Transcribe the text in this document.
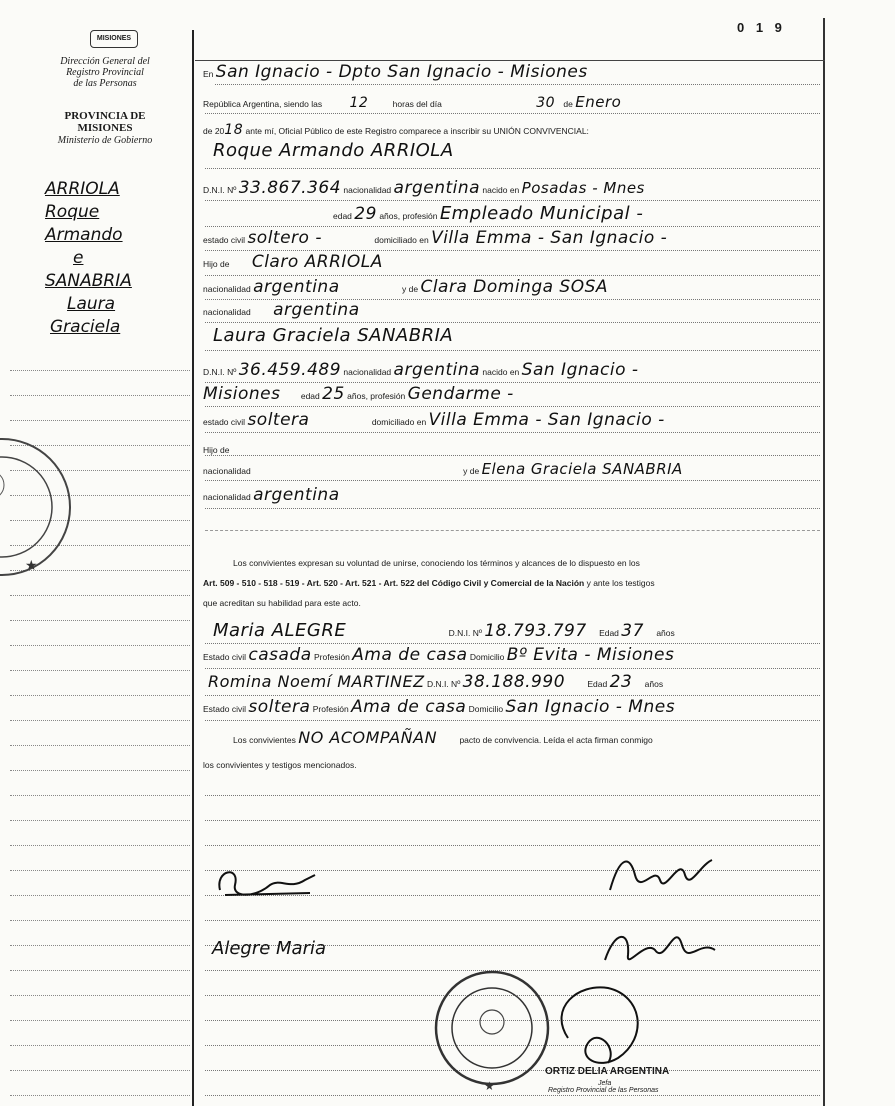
MISIONES
Dirección General del
Registro Provincial
de las Personas
PROVINCIA DE
MISIONES
Ministerio de Gobierno
ARRIOLA
Roque
Armando
e
SANABRIA
Laura
Graciela
★
0 1 9
En San Ignacio - Dpto San Ignacio - Misiones
República Argentina, siendo las 12	horas del día	30 de Enero
de 2018 ante mí, Oficial Público de este Registro comparece a inscribir su UNIÓN CONVIVENCIAL:
Roque Armando ARRIOLA
D.N.I. Nº 33.867.364 nacionalidad argentina nacido en Posadas - Mnes
edad 29 años, profesión Empleado Municipal -
estado civil soltero -	domiciliado en Villa Emma - San Ignacio -
Hijo de Claro ARRIOLA
nacionalidad argentina	y de Clara Dominga SOSA
nacionalidad argentina
Laura Graciela SANABRIA
D.N.I. Nº 36.459.489 nacionalidad argentina nacido en San Ignacio -
Misiones edad 25 años, profesión Gendarme -
estado civil soltera	domiciliado en Villa Emma - San Ignacio -
Hijo de
nacionalidad	y de Elena Graciela SANABRIA
nacionalidad argentina
Los convivientes expresan su voluntad de unirse, conociendo los términos y alcances de lo dispuesto en los
Art. 509 - 510 - 518 - 519 - Art. 520 - Art. 521 - Art. 522 del Código Civil y Comercial de la Nación y ante los testigos
que acreditan su habilidad para este acto.
Maria ALEGRE	D.N.I. Nº 18.793.797 Edad 37 años
Estado civil casada Profesión Ama de casa Domicilio Bº Evita - Misiones
Romina Noemí MARTINEZ D.N.I. Nº 38.188.990	Edad 23 años
Estado civil soltera Profesión Ama de casa Domicilio San Ignacio - Mnes
Los convivientes NO ACOMPAÑAN	pacto de convivencia. Leída el acta firman conmigo
los convivientes y testigos mencionados.
Alegre Maria
★
ORTIZ DELIA ARGENTINA
Jefa
Registro Provincial de las Personas
